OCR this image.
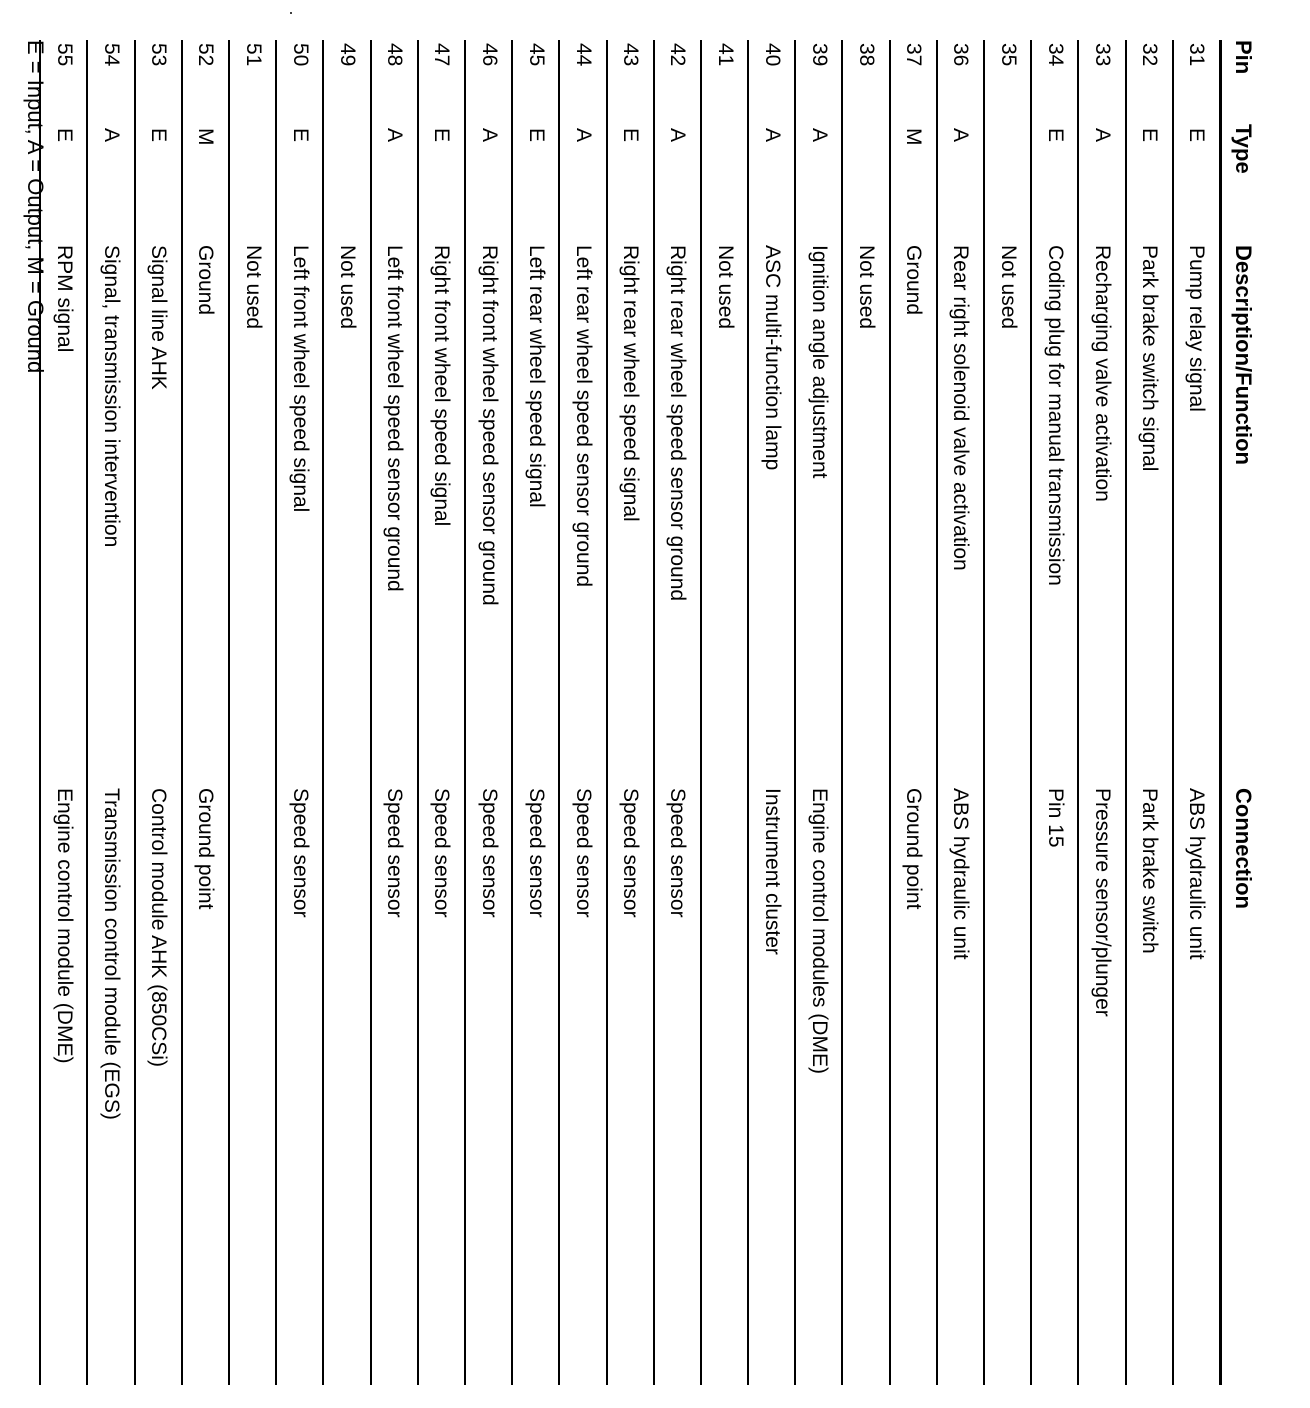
Pin	Type	Description/Function	Connection
31	E	Pump relay signal	ABS hydraulic unit
32	E	Park brake switch signal	Park brake switch
33	A	Recharging valve activation	Pressure sensor/plunger
34	E	Coding plug for manual transmission	Pin 15
35		Not used	
36	A	Rear right solenoid valve activation	ABS hydraulic unit
37	M	Ground	Ground point
38		Not used	
39	A	Ignition angle adjustment	Engine control modules (DME)
40	A	ASC multi-function lamp	Instrument cluster
41		Not used	
42	A	Right rear wheel speed sensor ground	Speed sensor
43	E	Right rear wheel speed signal	Speed sensor
44	A	Left rear wheel speed sensor ground	Speed sensor
45	E	Left rear wheel speed signal	Speed sensor
46	A	Right front wheel speed sensor ground	Speed sensor
47	E	Right front wheel speed signal	Speed sensor
48	A	Left front wheel speed sensor ground	Speed sensor
49		Not used	
50	E	Left front wheel speed signal	Speed sensor
51		Not used	
52	M	Ground	Ground point
53	E	Signal line AHK	Control module AHK (850CSi)
54	A	Signal, transmission intervention	Transmission control module (EGS)
55	E	RPM signal	Engine control module (DME)
E = Input, A = Output, M = Ground
